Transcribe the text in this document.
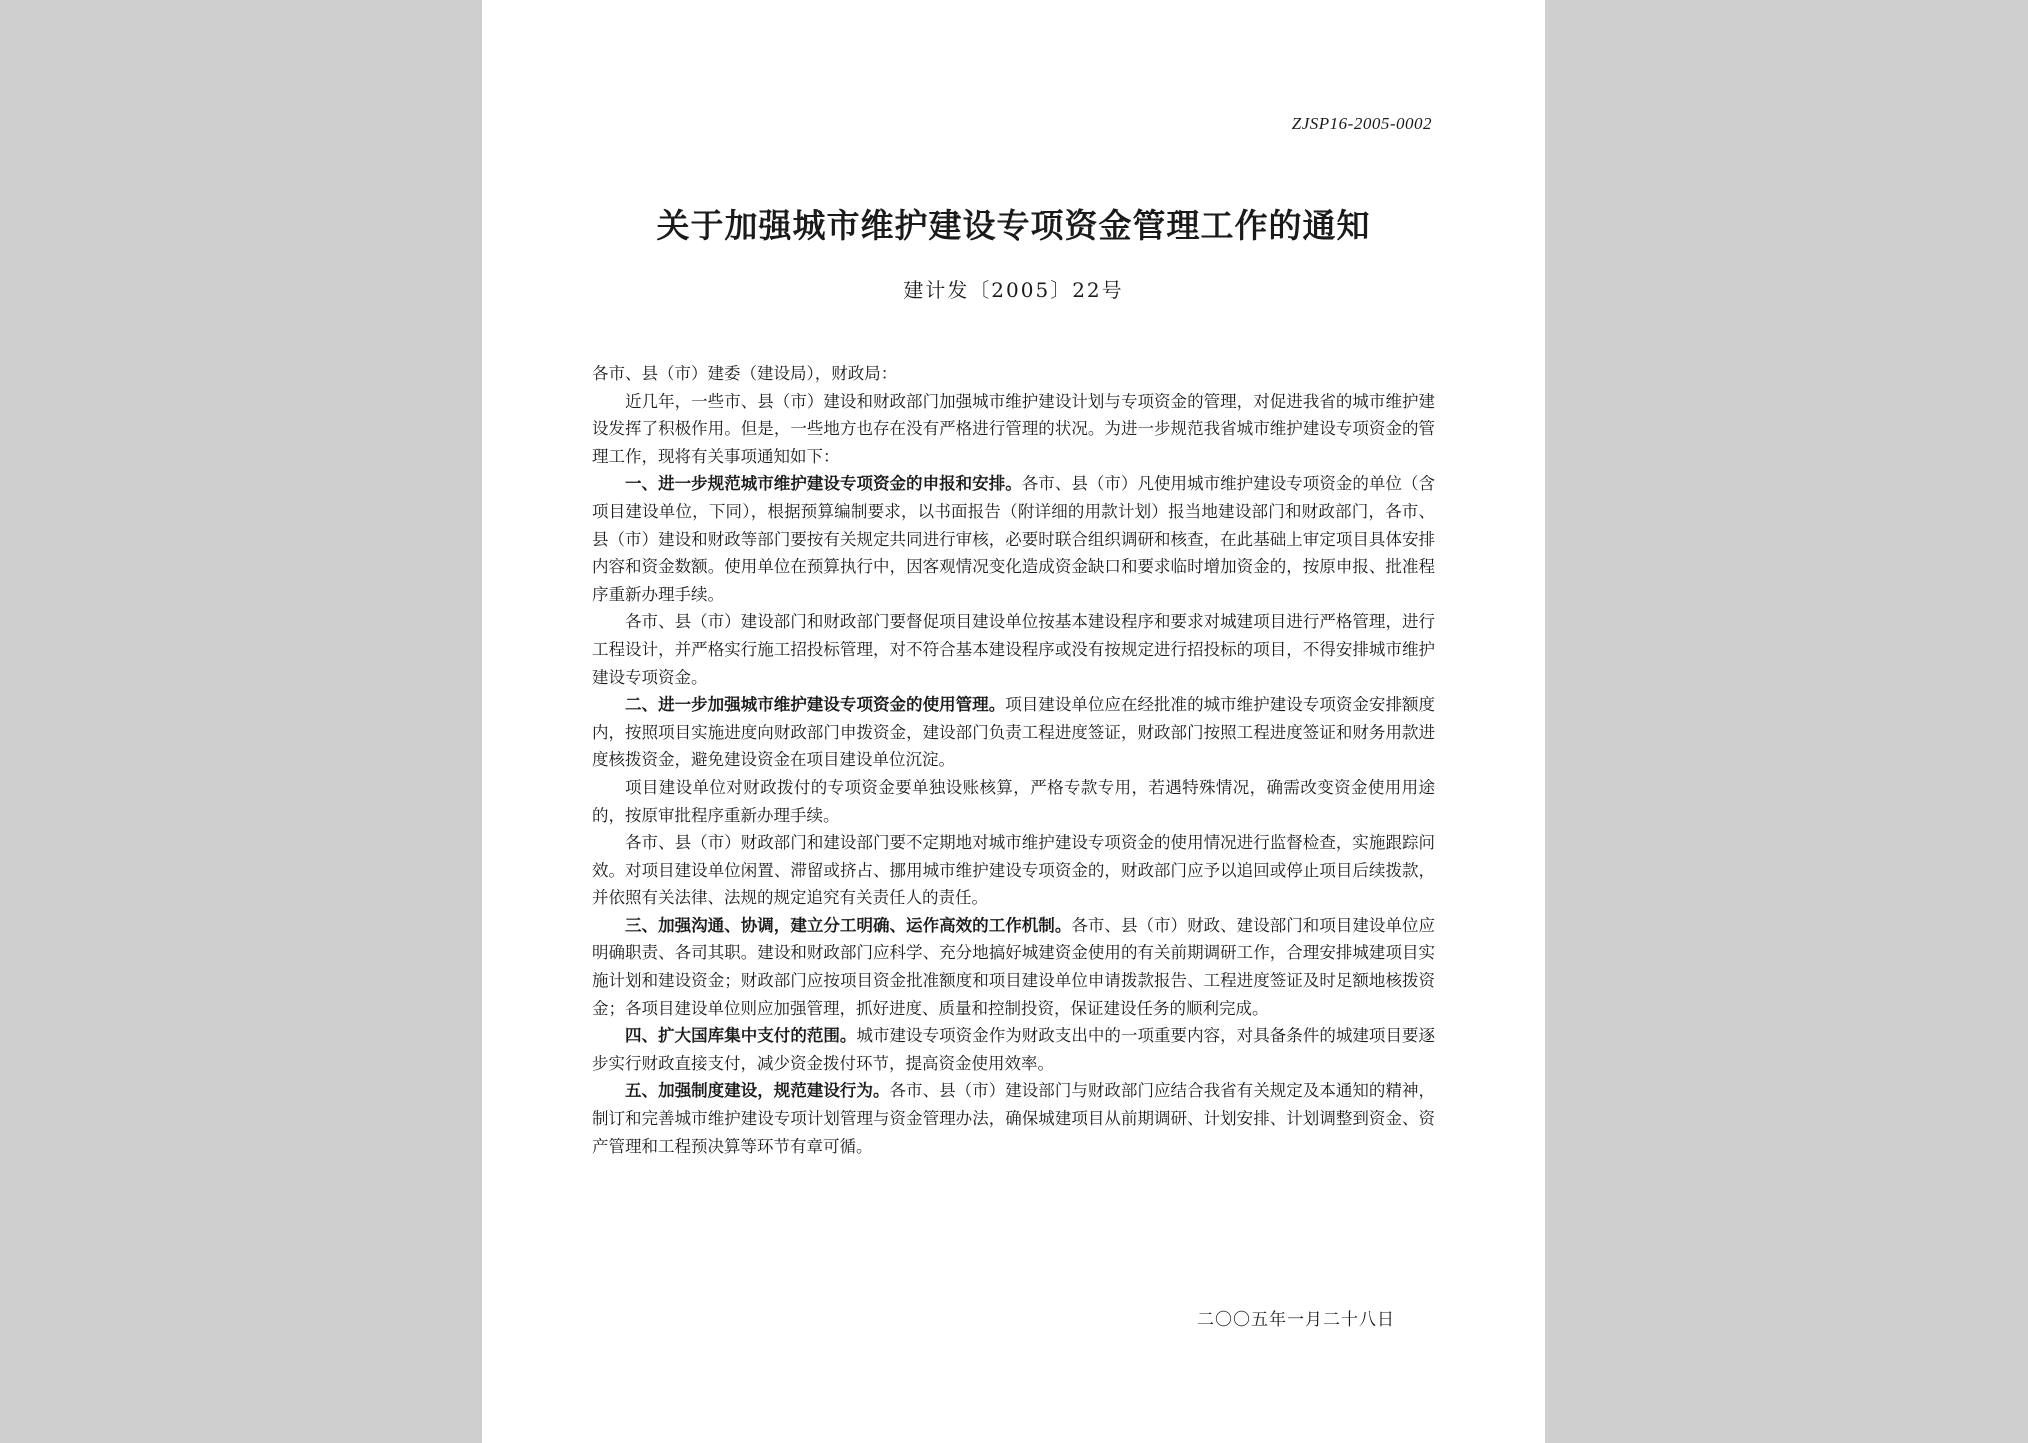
ZJSP16-2005-0002
关于加强城市维护建设专项资金管理工作的通知
建计发〔2005〕22号

各市、县（市）建委（建设局），财政局：

近几年，一些市、县（市）建设和财政部门加强城市维护建设计划与专项资金的管理，对促进我省的城市维护建设发挥了积极作用。但是，一些地方也存在没有严格进行管理的状况。为进一步规范我省城市维护建设专项资金的管理工作，现将有关事项通知如下：

一、进一步规范城市维护建设专项资金的申报和安排。各市、县（市）凡使用城市维护建设专项资金的单位（含项目建设单位，下同），根据预算编制要求，以书面报告（附详细的用款计划）报当地建设部门和财政部门，各市、县（市）建设和财政等部门要按有关规定共同进行审核，必要时联合组织调研和核查，在此基础上审定项目具体安排内容和资金数额。使用单位在预算执行中，因客观情况变化造成资金缺口和要求临时增加资金的，按原申报、批准程序重新办理手续。

各市、县（市）建设部门和财政部门要督促项目建设单位按基本建设程序和要求对城建项目进行严格管理，进行工程设计，并严格实行施工招投标管理，对不符合基本建设程序或没有按规定进行招投标的项目，不得安排城市维护建设专项资金。

二、进一步加强城市维护建设专项资金的使用管理。项目建设单位应在经批准的城市维护建设专项资金安排额度内，按照项目实施进度向财政部门申拨资金，建设部门负责工程进度签证，财政部门按照工程进度签证和财务用款进度核拨资金，避免建设资金在项目建设单位沉淀。

项目建设单位对财政拨付的专项资金要单独设账核算，严格专款专用，若遇特殊情况，确需改变资金使用用途的，按原审批程序重新办理手续。

各市、县（市）财政部门和建设部门要不定期地对城市维护建设专项资金的使用情况进行监督检查，实施跟踪问效。对项目建设单位闲置、滞留或挤占、挪用城市维护建设专项资金的，财政部门应予以追回或停止项目后续拨款，并依照有关法律、法规的规定追究有关责任人的责任。

三、加强沟通、协调，建立分工明确、运作高效的工作机制。各市、县（市）财政、建设部门和项目建设单位应明确职责、各司其职。建设和财政部门应科学、充分地搞好城建资金使用的有关前期调研工作，合理安排城建项目实施计划和建设资金；财政部门应按项目资金批准额度和项目建设单位申请拨款报告、工程进度签证及时足额地核拨资金；各项目建设单位则应加强管理，抓好进度、质量和控制投资，保证建设任务的顺利完成。

四、扩大国库集中支付的范围。城市建设专项资金作为财政支出中的一项重要内容，对具备条件的城建项目要逐步实行财政直接支付，减少资金拨付环节，提高资金使用效率。

五、加强制度建设，规范建设行为。各市、县（市）建设部门与财政部门应结合我省有关规定及本通知的精神，制订和完善城市维护建设专项计划管理与资金管理办法，确保城建项目从前期调研、计划安排、计划调整到资金、资产管理和工程预决算等环节有章可循。

二〇〇五年一月二十八日
